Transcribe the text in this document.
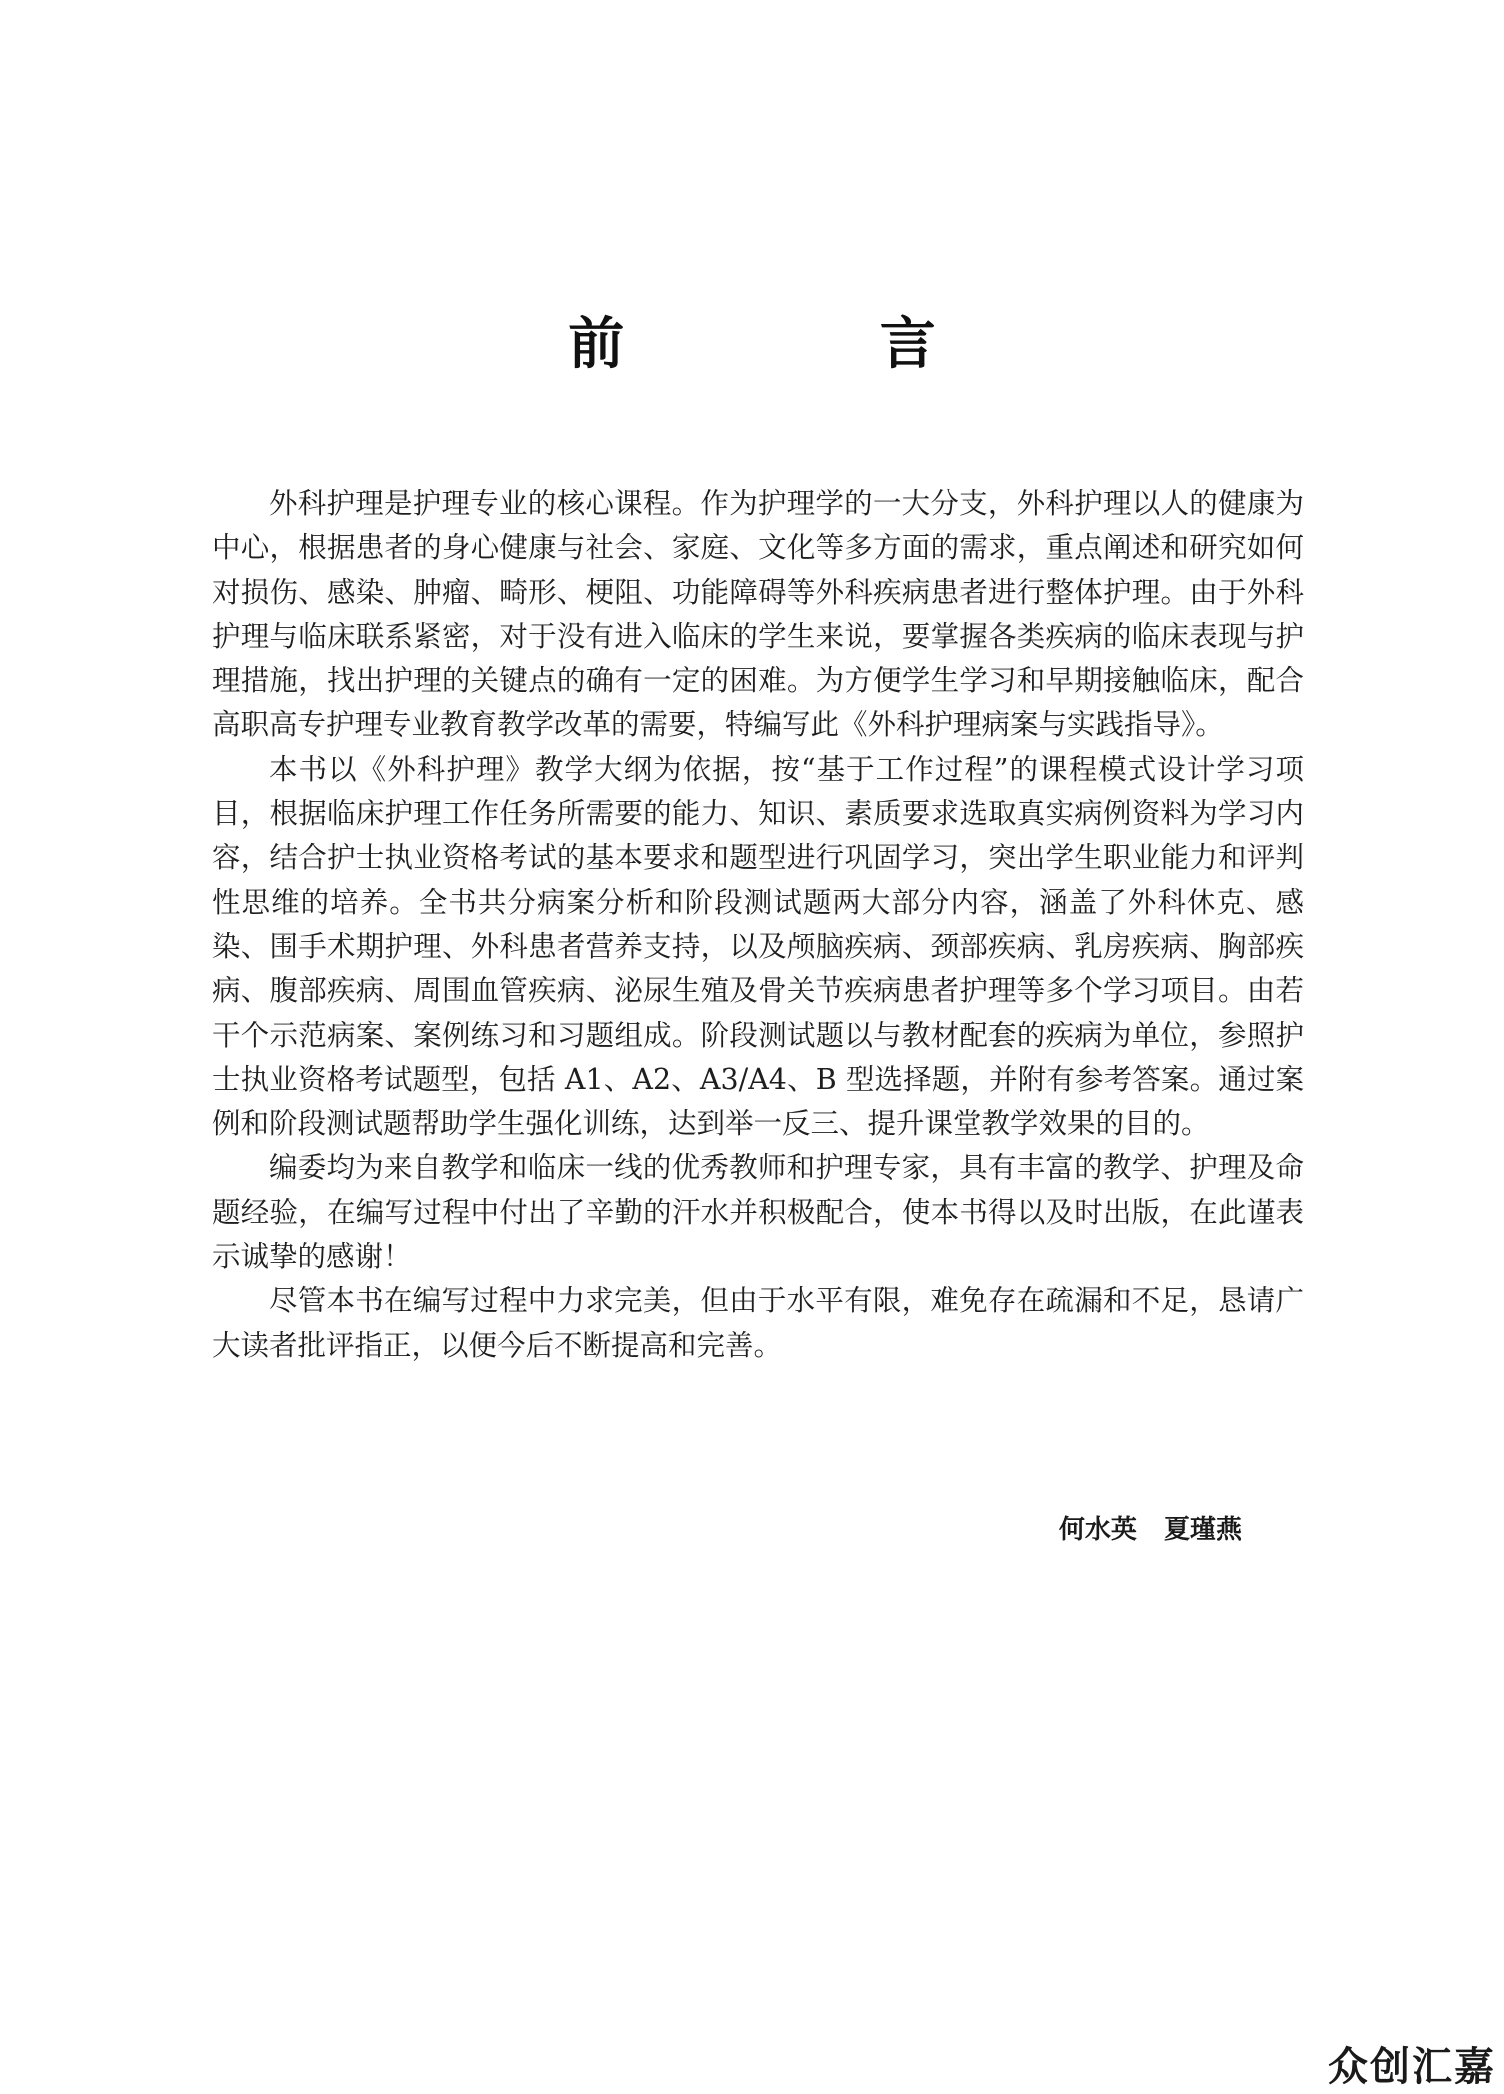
前 言

外科护理是护理专业的核心课程。作为护理学的一大分支，外科护理以人的健康为中心，根据患者的身心健康与社会、家庭、文化等多方面的需求，重点阐述和研究如何对损伤、感染、肿瘤、畸形、梗阻、功能障碍等外科疾病患者进行整体护理。由于外科护理与临床联系紧密，对于没有进入临床的学生来说，要掌握各类疾病的临床表现与护理措施，找出护理的关键点的确有一定的困难。为方便学生学习和早期接触临床，配合高职高专护理专业教育教学改革的需要，特编写此《外科护理病案与实践指导》。

本书以《外科护理》教学大纲为依据，按“基于工作过程”的课程模式设计学习项目，根据临床护理工作任务所需要的能力、知识、素质要求选取真实病例资料为学习内容，结合护士执业资格考试的基本要求和题型进行巩固学习，突出学生职业能力和评判性思维的培养。全书共分病案分析和阶段测试题两大部分内容，涵盖了外科休克、感染、围手术期护理、外科患者营养支持，以及颅脑疾病、颈部疾病、乳房疾病、胸部疾病、腹部疾病、周围血管疾病、泌尿生殖及骨关节疾病患者护理等多个学习项目。由若干个示范病案、案例练习和习题组成。阶段测试题以与教材配套的疾病为单位，参照护士执业资格考试题型，包括 A1、A2、A3/A4、B 型选择题，并附有参考答案。通过案例和阶段测试题帮助学生强化训练，达到举一反三、提升课堂教学效果的目的。

编委均为来自教学和临床一线的优秀教师和护理专家，具有丰富的教学、护理及命题经验，在编写过程中付出了辛勤的汗水并积极配合，使本书得以及时出版，在此谨表示诚挚的感谢！

尽管本书在编写过程中力求完美，但由于水平有限，难免存在疏漏和不足，恳请广大读者批评指正，以便今后不断提高和完善。

何水英   夏瑾燕
众创汇嘉
